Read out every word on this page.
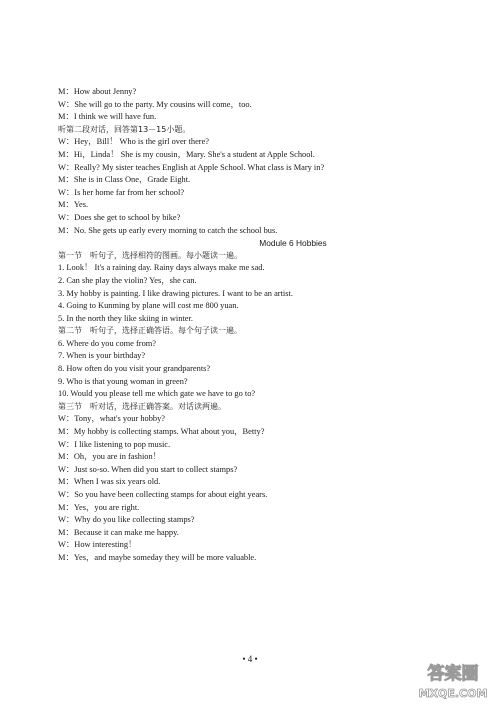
M：How about Jenny?
W：She will go to the party. My cousins will come，too.
M：I think we will have fun.
听第二段对话，回答第13－15小题。
W：Hey，Bill！ Who is the girl over there?
M：Hi，Linda！ She is my cousin，Mary. She's a student at Apple School.
W：Really? My sister teaches English at Apple School. What class is Mary in?
M：She is in Class One，Grade Eight.
W：Is her home far from her school?
M：Yes.
W：Does she get to school by bike?
M：No. She gets up early every morning to catch the school bus.
Module 6 Hobbies
第一节　听句子，选择相符的图画。每小题读一遍。
1. Look！ It's a raining day. Rainy days always make me sad.
2. Can she play the violin? Yes，she can.
3. My hobby is painting. I like drawing pictures. I want to be an artist.
4. Going to Kunming by plane will cost me 800 yuan.
5. In the north they like skiing in winter.
第二节　听句子，选择正确答语。每个句子读一遍。
6. Where do you come from?
7. When is your birthday?
8. How often do you visit your grandparents?
9. Who is that young woman in green?
10. Would you please tell me which gate we have to go to?
第三节　听对话，选择正确答案。对话读两遍。
W：Tony，what's your hobby?
M：My hobby is collecting stamps. What about you，Betty?
W：I like listening to pop music.
M：Oh，you are in fashion！
W：Just so-so. When did you start to collect stamps?
M：When I was six years old.
W：So you have been collecting stamps for about eight years.
M：Yes，you are right.
W：Why do you like collecting stamps?
M：Because it can make me happy.
W：How interesting！
M：Yes，and maybe someday they will be more valuable.
• 4 •
答案圈
MXQE.COM
